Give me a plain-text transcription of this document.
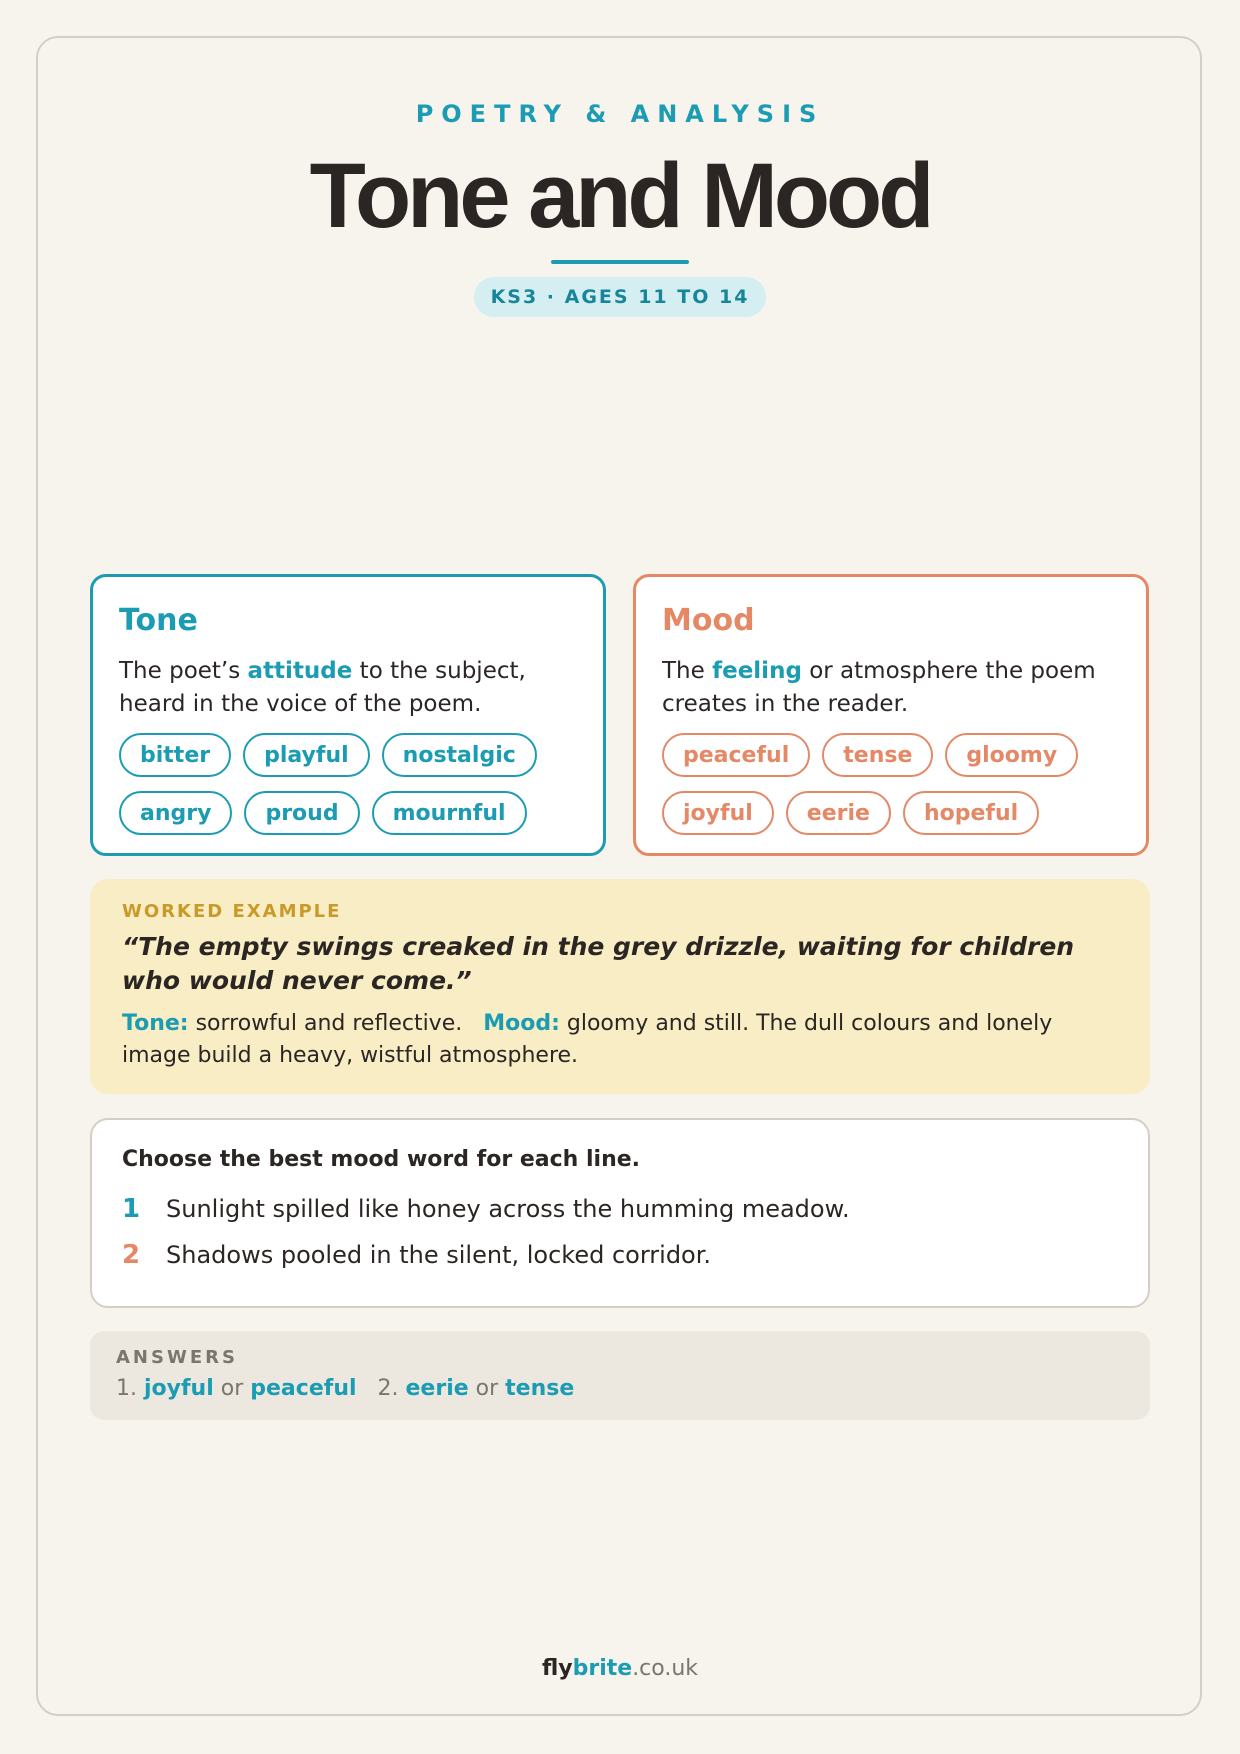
POETRY & ANALYSIS
Tone and Mood
KS3 · AGES 11 TO 14
Tone

The poet’s attitude to the subject, heard in the voice of the poem.

bitter	playful	nostalgic
angry	proud	mournful
Mood

The feeling or atmosphere the poem creates in the reader.

peaceful	tense	gloomy
joyful	eerie	hopeful
WORKED EXAMPLE
“The empty swings creaked in the grey drizzle, waiting for children who would never come.”
Tone: sorrowful and reflective. Mood: gloomy and still. The dull colours and lonely image build a heavy, wistful atmosphere.
Choose the best mood word for each line.
1	Sunlight spilled like honey across the humming meadow.
2	Shadows pooled in the silent, locked corridor.
ANSWERS
1. joyful or peaceful 2. eerie or tense
flybrite.co.uk
